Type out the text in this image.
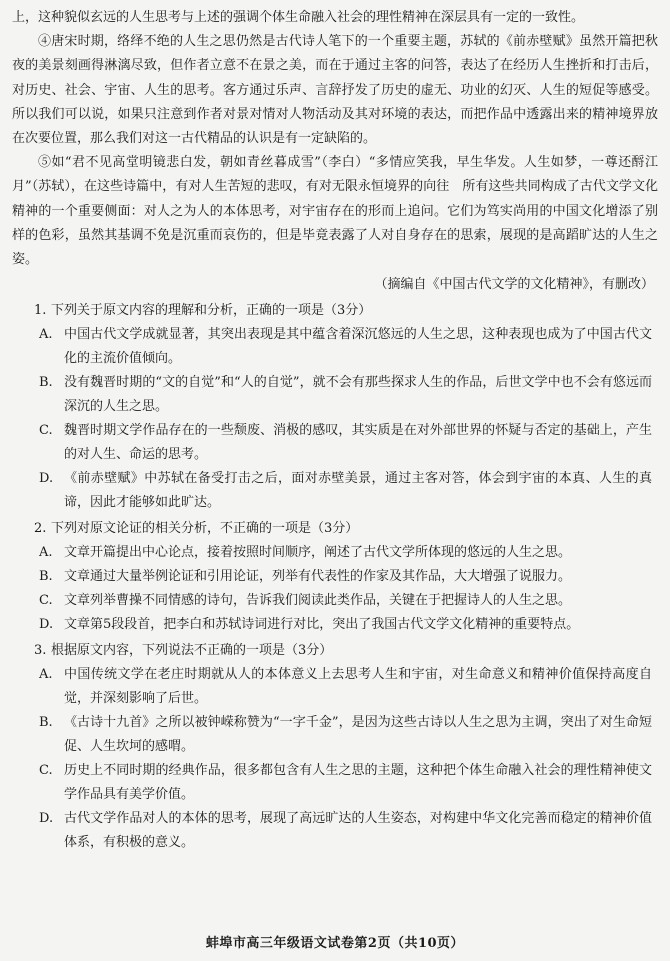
上，这种貌似玄远的人生思考与上述的强调个体生命融入社会的理性精神在深层具有一定的一致性。

④唐宋时期，络绎不绝的人生之思仍然是古代诗人笔下的一个重要主题，苏轼的《前赤壁赋》虽然开篇把秋夜的美景刻画得淋漓尽致，但作者立意不在景之美，而在于通过主客的问答，表达了在经历人生挫折和打击后，对历史、社会、宇宙、人生的思考。客方通过乐声、言辞抒发了历史的虚无、功业的幻灭、人生的短促等感受。所以我们可以说，如果只注意到作者对景对情对人物活动及其对环境的表达，而把作品中透露出来的精神境界放在次要位置，那么我们对这一古代精品的认识是有一定缺陷的。

⑤如“君不见高堂明镜悲白发，朝如青丝暮成雪”（李白）“多情应笑我，早生华发。人生如梦，一尊还酹江月”（苏轼），在这些诗篇中，有对人生苦短的悲叹，有对无限永恒境界的向往　所有这些共同构成了古代文学文化精神的一个重要侧面：对人之为人的本体思考，对宇宙存在的形而上追问。它们为笃实尚用的中国文化增添了别样的色彩，虽然其基调不免是沉重而哀伤的，但是毕竟表露了人对自身存在的思索，展现的是高蹈旷达的人生之姿。

（摘编自《中国古代文学的文化精神》，有删改）
1. 下列关于原文内容的理解和分析，正确的一项是（3分）
A. 中国古代文学成就显著，其突出表现是其中蕴含着深沉悠远的人生之思，这种表现也成为了中国古代文化的主流价值倾向。
B. 没有魏晋时期的“文的自觉”和“人的自觉”，就不会有那些探求人生的作品，后世文学中也不会有悠远而深沉的人生之思。
C. 魏晋时期文学作品存在的一些颓废、消极的感叹，其实质是在对外部世界的怀疑与否定的基础上，产生的对人生、命运的思考。
D. 《前赤壁赋》中苏轼在备受打击之后，面对赤壁美景，通过主客对答，体会到宇宙的本真、人生的真谛，因此才能够如此旷达。
2. 下列对原文论证的相关分析，不正确的一项是（3分）
A. 文章开篇提出中心论点，接着按照时间顺序，阐述了古代文学所体现的悠远的人生之思。
B. 文章通过大量举例论证和引用论证，列举有代表性的作家及其作品，大大增强了说服力。
C. 文章列举曹操不同情感的诗句，告诉我们阅读此类作品，关键在于把握诗人的人生之思。
D. 文章第5段段首，把李白和苏轼诗词进行对比，突出了我国古代文学文化精神的重要特点。
3. 根据原文内容，下列说法不正确的一项是（3分）
A. 中国传统文学在老庄时期就从人的本体意义上去思考人生和宇宙，对生命意义和精神价值保持高度自觉，并深刻影响了后世。
B. 《古诗十九首》之所以被钟嵘称赞为“一字千金”，是因为这些古诗以人生之思为主调，突出了对生命短促、人生坎坷的感喟。
C. 历史上不同时期的经典作品，很多都包含有人生之思的主题，这种把个体生命融入社会的理性精神使文学作品具有美学价值。
D. 古代文学作品对人的本体的思考，展现了高远旷达的人生姿态，对构建中华文化完善而稳定的精神价值体系，有积极的意义。
蚌埠市高三年级语文试卷第2页（共10页）
